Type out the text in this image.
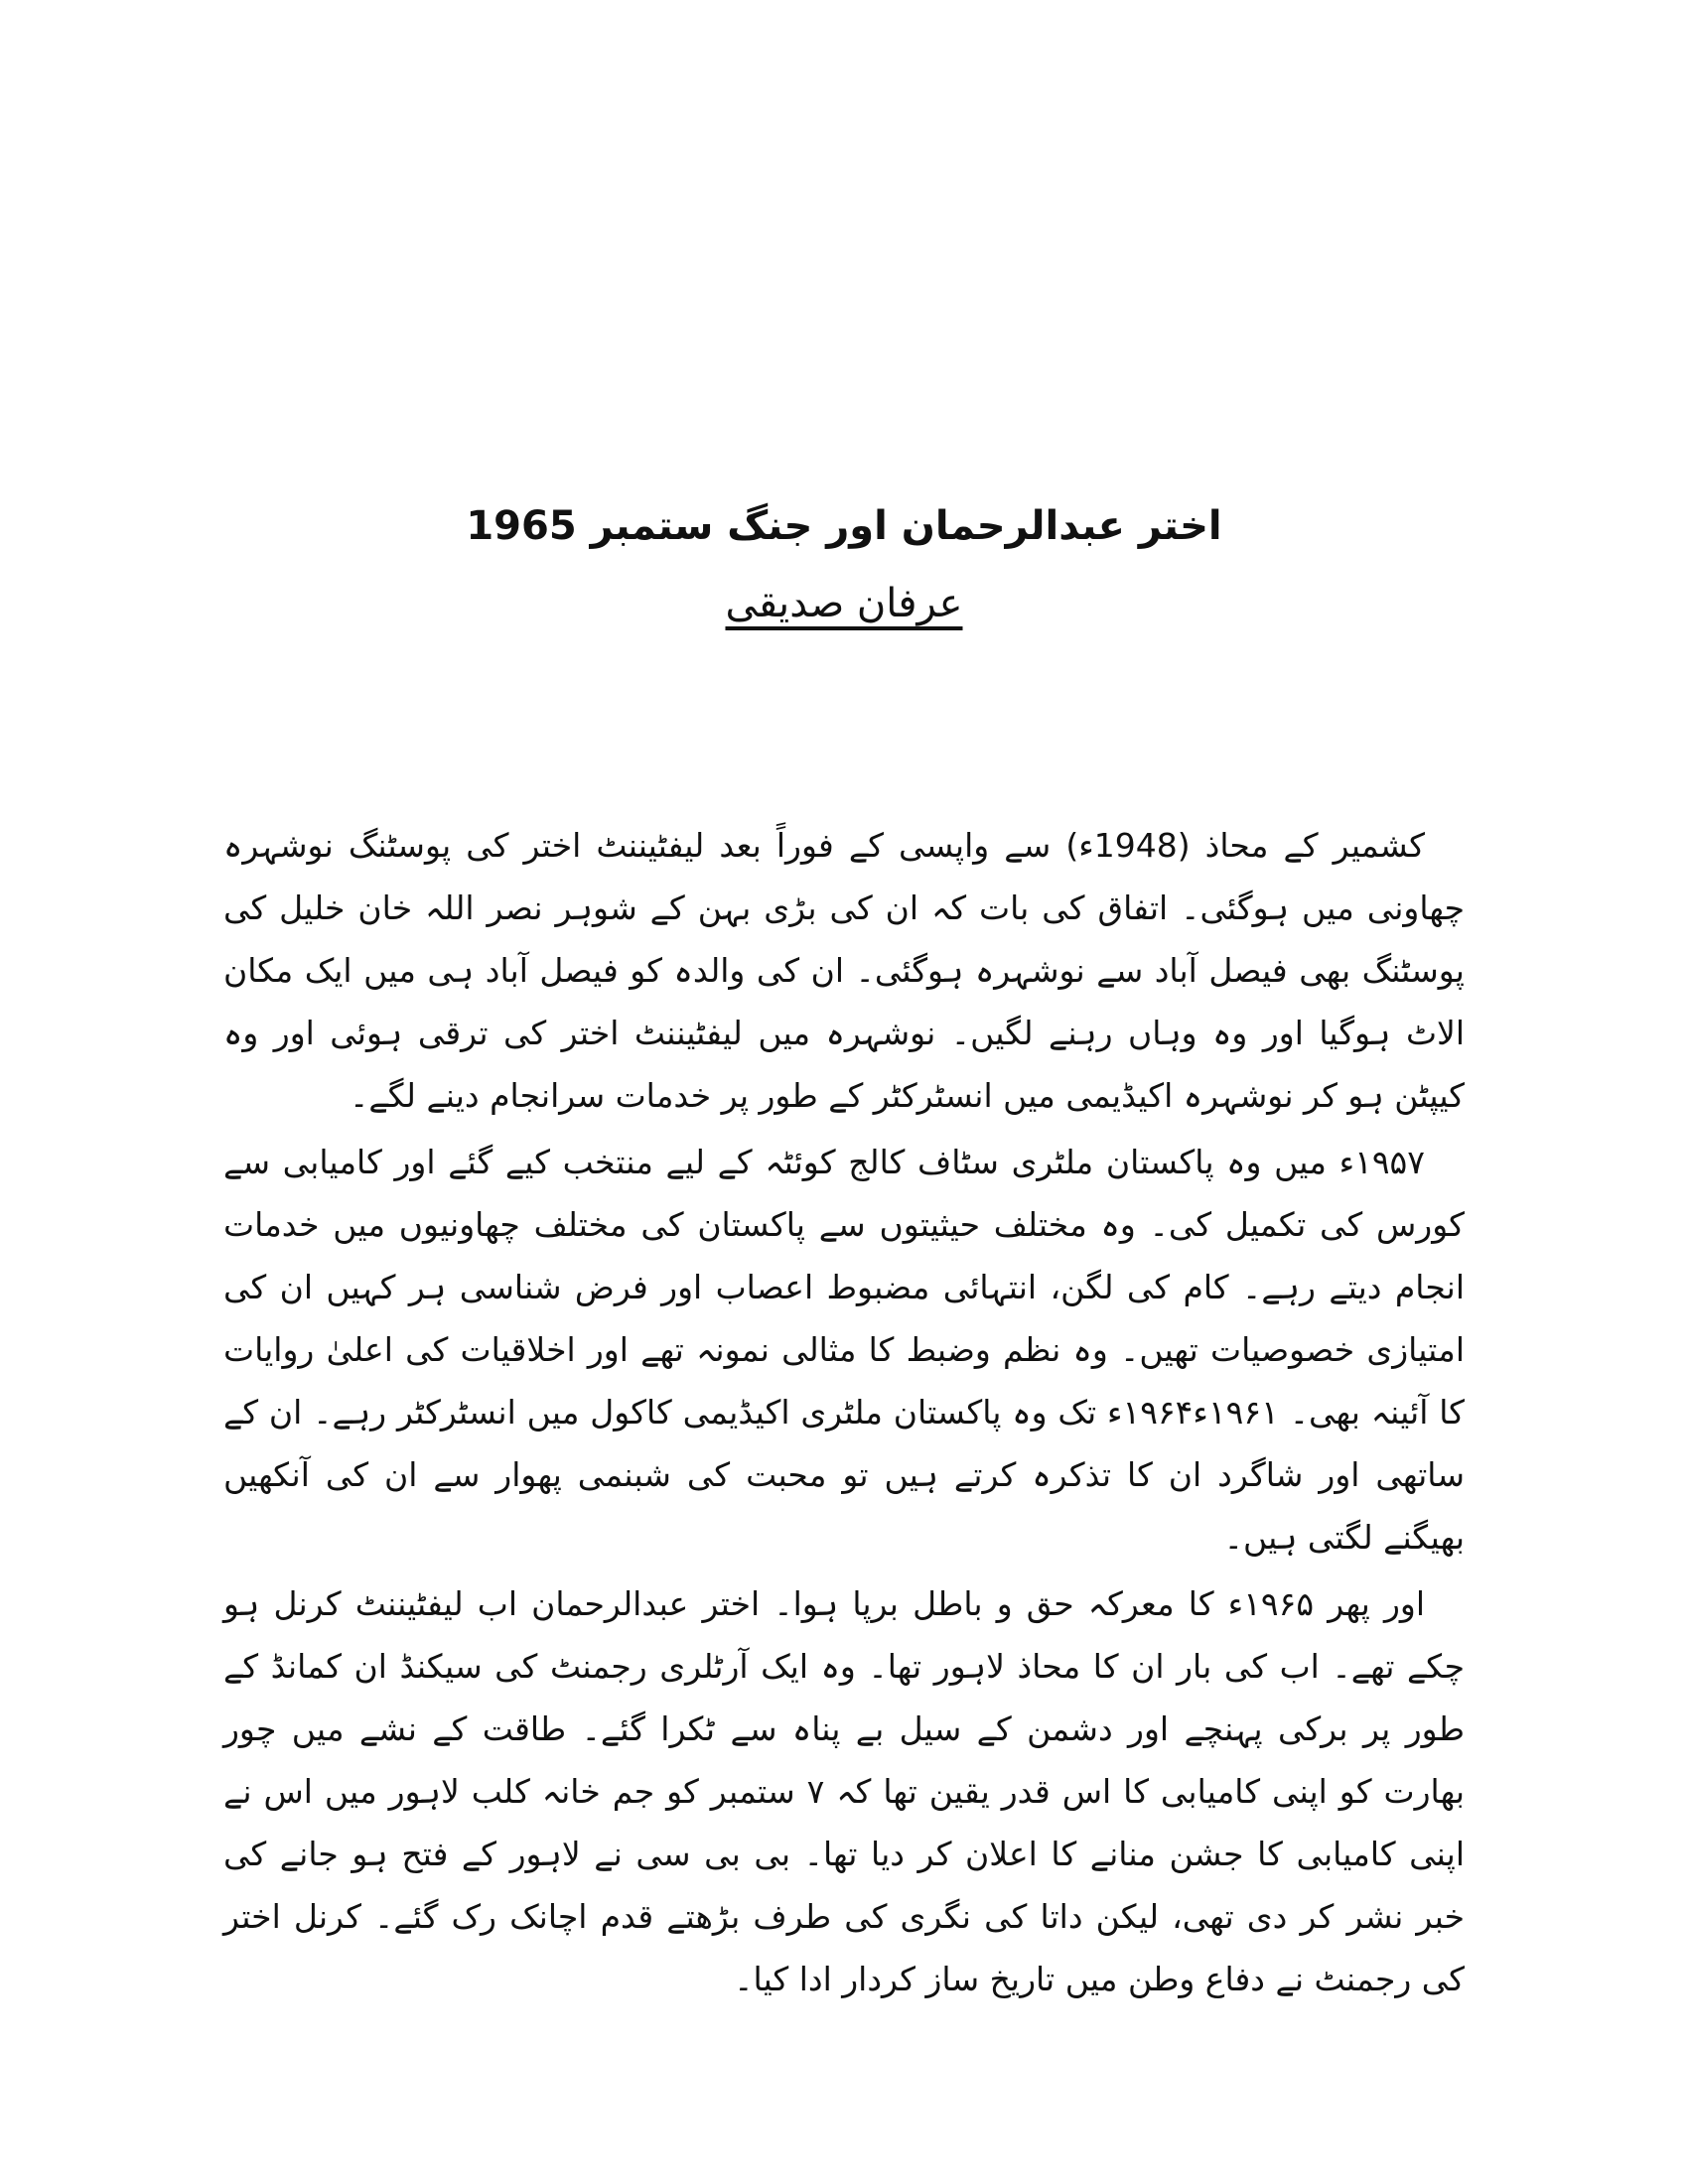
اختر عبدالرحمان اور جنگ ستمبر 1965
عرفان صدیقی

کشمیر کے محاذ (1948ء) سے واپسی کے فوراً بعد لیفٹیننٹ اختر کی پوسٹنگ نوشہرہ چھاونی میں ہوگئی۔ اتفاق کی بات کہ ان کی بڑی بہن کے شوہر نصر اللہ خان خلیل کی پوسٹنگ بھی فیصل آباد سے نوشہرہ ہوگئی۔ ان کی والدہ کو فیصل آباد ہی میں ایک مکان الاٹ ہوگیا اور وہ وہاں رہنے لگیں۔ نوشہرہ میں لیفٹیننٹ اختر کی ترقی ہوئی اور وہ کیپٹن ہو کر نوشہرہ اکیڈیمی میں انسٹرکٹر کے طور پر خدمات سرانجام دینے لگے۔

۱۹۵۷ء میں وہ پاکستان ملٹری سٹاف کالج کوئٹہ کے لیے منتخب کیے گئے اور کامیابی سے کورس کی تکمیل کی۔ وہ مختلف حیثیتوں سے پاکستان کی مختلف چھاونیوں میں خدمات انجام دیتے رہے۔ کام کی لگن، انتہائی مضبوط اعصاب اور فرض شناسی ہر کہیں ان کی امتیازی خصوصیات تھیں۔ وہ نظم وضبط کا مثالی نمونہ تھے اور اخلاقیات کی اعلیٰ روایات کا آئینہ بھی۔ ۱۹۶۱ء۱۹۶۴ء تک وہ پاکستان ملٹری اکیڈیمی کاکول میں انسٹرکٹر رہے۔ ان کے ساتھی اور شاگرد ان کا تذکرہ کرتے ہیں تو محبت کی شبنمی پھوار سے ان کی آنکھیں بھیگنے لگتی ہیں۔

اور پھر ۱۹۶۵ء کا معرکہ حق و باطل برپا ہوا۔ اختر عبدالرحمان اب لیفٹیننٹ کرنل ہو چکے تھے۔ اب کی بار ان کا محاذ لاہور تھا۔ وہ ایک آرٹلری رجمنٹ کی سیکنڈ ان کمانڈ کے طور پر برکی پہنچے اور دشمن کے سیل بے پناہ سے ٹکرا گئے۔ طاقت کے نشے میں چور بھارت کو اپنی کامیابی کا اس قدر یقین تھا کہ ۷ ستمبر کو جم خانہ کلب لاہور میں اس نے اپنی کامیابی کا جشن منانے کا اعلان کر دیا تھا۔ بی بی سی نے لاہور کے فتح ہو جانے کی خبر نشر کر دی تھی، لیکن داتا کی نگری کی طرف بڑھتے قدم اچانک رک گئے۔ کرنل اختر کی رجمنٹ نے دفاع وطن میں تاریخ ساز کردار ادا کیا۔
